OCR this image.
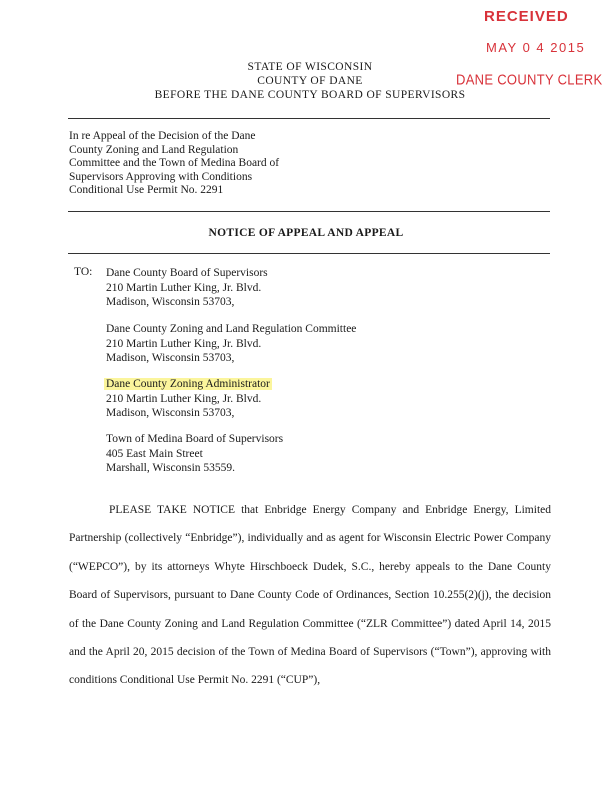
RECEIVED
MAY 0 4 2015
DANE COUNTY CLERK
STATE OF WISCONSIN
COUNTY OF DANE
BEFORE THE DANE COUNTY BOARD OF SUPERVISORS
In re Appeal of the Decision of the Dane
County Zoning and Land Regulation
Committee and the Town of Medina Board of
Supervisors Approving with Conditions
Conditional Use Permit No. 2291
NOTICE OF APPEAL AND APPEAL
TO: Dane County Board of Supervisors
210 Martin Luther King, Jr. Blvd.
Madison, Wisconsin 53703,
Dane County Zoning and Land Regulation Committee
210 Martin Luther King, Jr. Blvd.
Madison, Wisconsin 53703,
Dane County Zoning Administrator
210 Martin Luther King, Jr. Blvd.
Madison, Wisconsin 53703,
Town of Medina Board of Supervisors
405 East Main Street
Marshall, Wisconsin 53559.

PLEASE TAKE NOTICE that Enbridge Energy Company and Enbridge Energy, Limited Partnership (collectively “Enbridge”), individually and as agent for Wisconsin Electric Power Company (“WEPCO”), by its attorneys Whyte Hirschboeck Dudek, S.C., hereby appeals to the Dane County Board of Supervisors, pursuant to Dane County Code of Ordinances, Section 10.255(2)(j), the decision of the Dane County Zoning and Land Regulation Committee (“ZLR Committee”) dated April 14, 2015 and the April 20, 2015 decision of the Town of Medina Board of Supervisors (“Town”), approving with conditions Conditional Use Permit No. 2291 (“CUP”),
